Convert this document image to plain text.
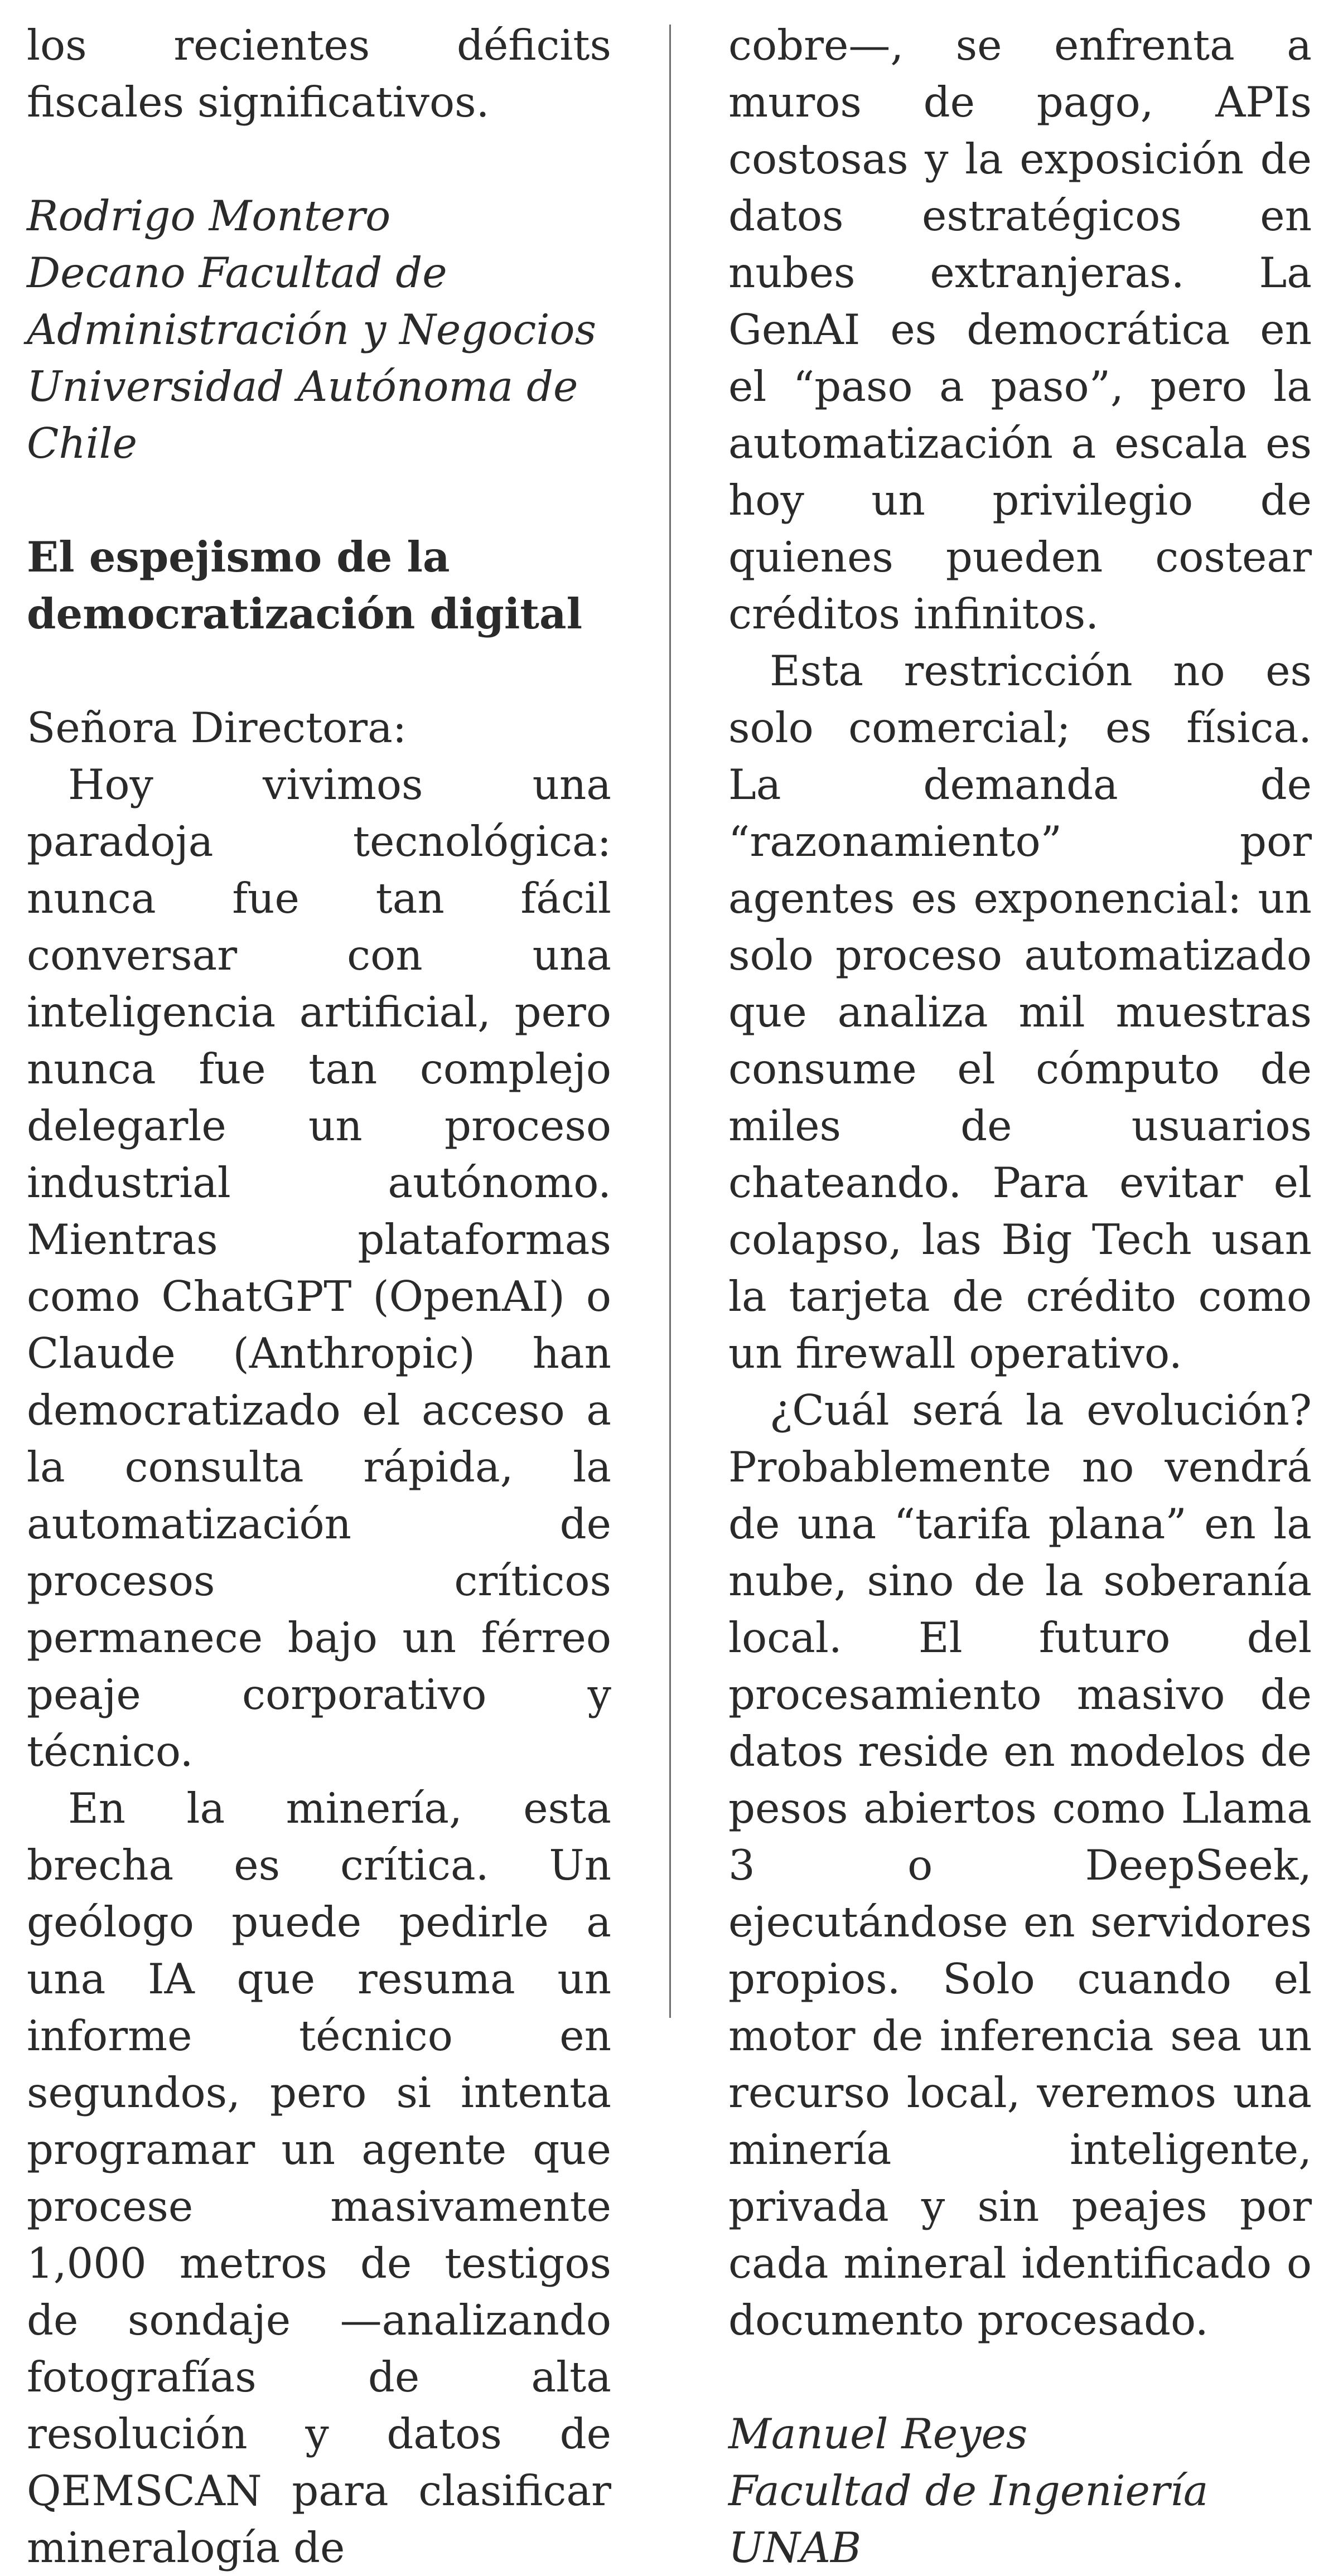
los recientes déficits fiscales significativos.

Rodrigo Montero

Decano Facultad de Administración y Negocios Universidad Autónoma de Chile

El espejismo de la democratización digital

Señora Directora:

Hoy vivimos una paradoja tecnológica: nunca fue tan fácil conversar con una inteligencia artificial, pero nunca fue tan complejo delegarle un proceso industrial autónomo. Mientras plataformas como ChatGPT (OpenAI) o Claude (Anthropic) han democratizado el acceso a la consulta rápida, la automatización de procesos críticos permanece bajo un férreo peaje corporativo y técnico.

En la minería, esta brecha es crítica. Un geólogo puede pedirle a una IA que resuma un informe técnico en segundos, pero si intenta programar un agente que procese masivamente 1,000 metros de testigos de sondaje —analizando fotografías de alta resolución y datos de QEMSCAN para clasificar mineralogía de

cobre—, se enfrenta a muros de pago, APIs costosas y la exposición de datos estratégicos en nubes extranjeras. La GenAI es democrática en el “paso a paso”, pero la automatización a escala es hoy un privilegio de quienes pueden costear créditos infinitos.

Esta restricción no es solo comercial; es física. La demanda de “razonamiento” por agentes es exponencial: un solo proceso automatizado que analiza mil muestras consume el cómputo de miles de usuarios chateando. Para evitar el colapso, las Big Tech usan la tarjeta de crédito como un firewall operativo.

¿Cuál será la evolución? Probablemente no vendrá de una “tarifa plana” en la nube, sino de la soberanía local. El futuro del procesamiento masivo de datos reside en modelos de pesos abiertos como Llama 3 o DeepSeek, ejecutándose en servidores propios. Solo cuando el motor de inferencia sea un recurso local, veremos una minería inteligente, privada y sin peajes por cada mineral identificado o documento procesado.

Manuel Reyes

Facultad de Ingeniería UNAB
